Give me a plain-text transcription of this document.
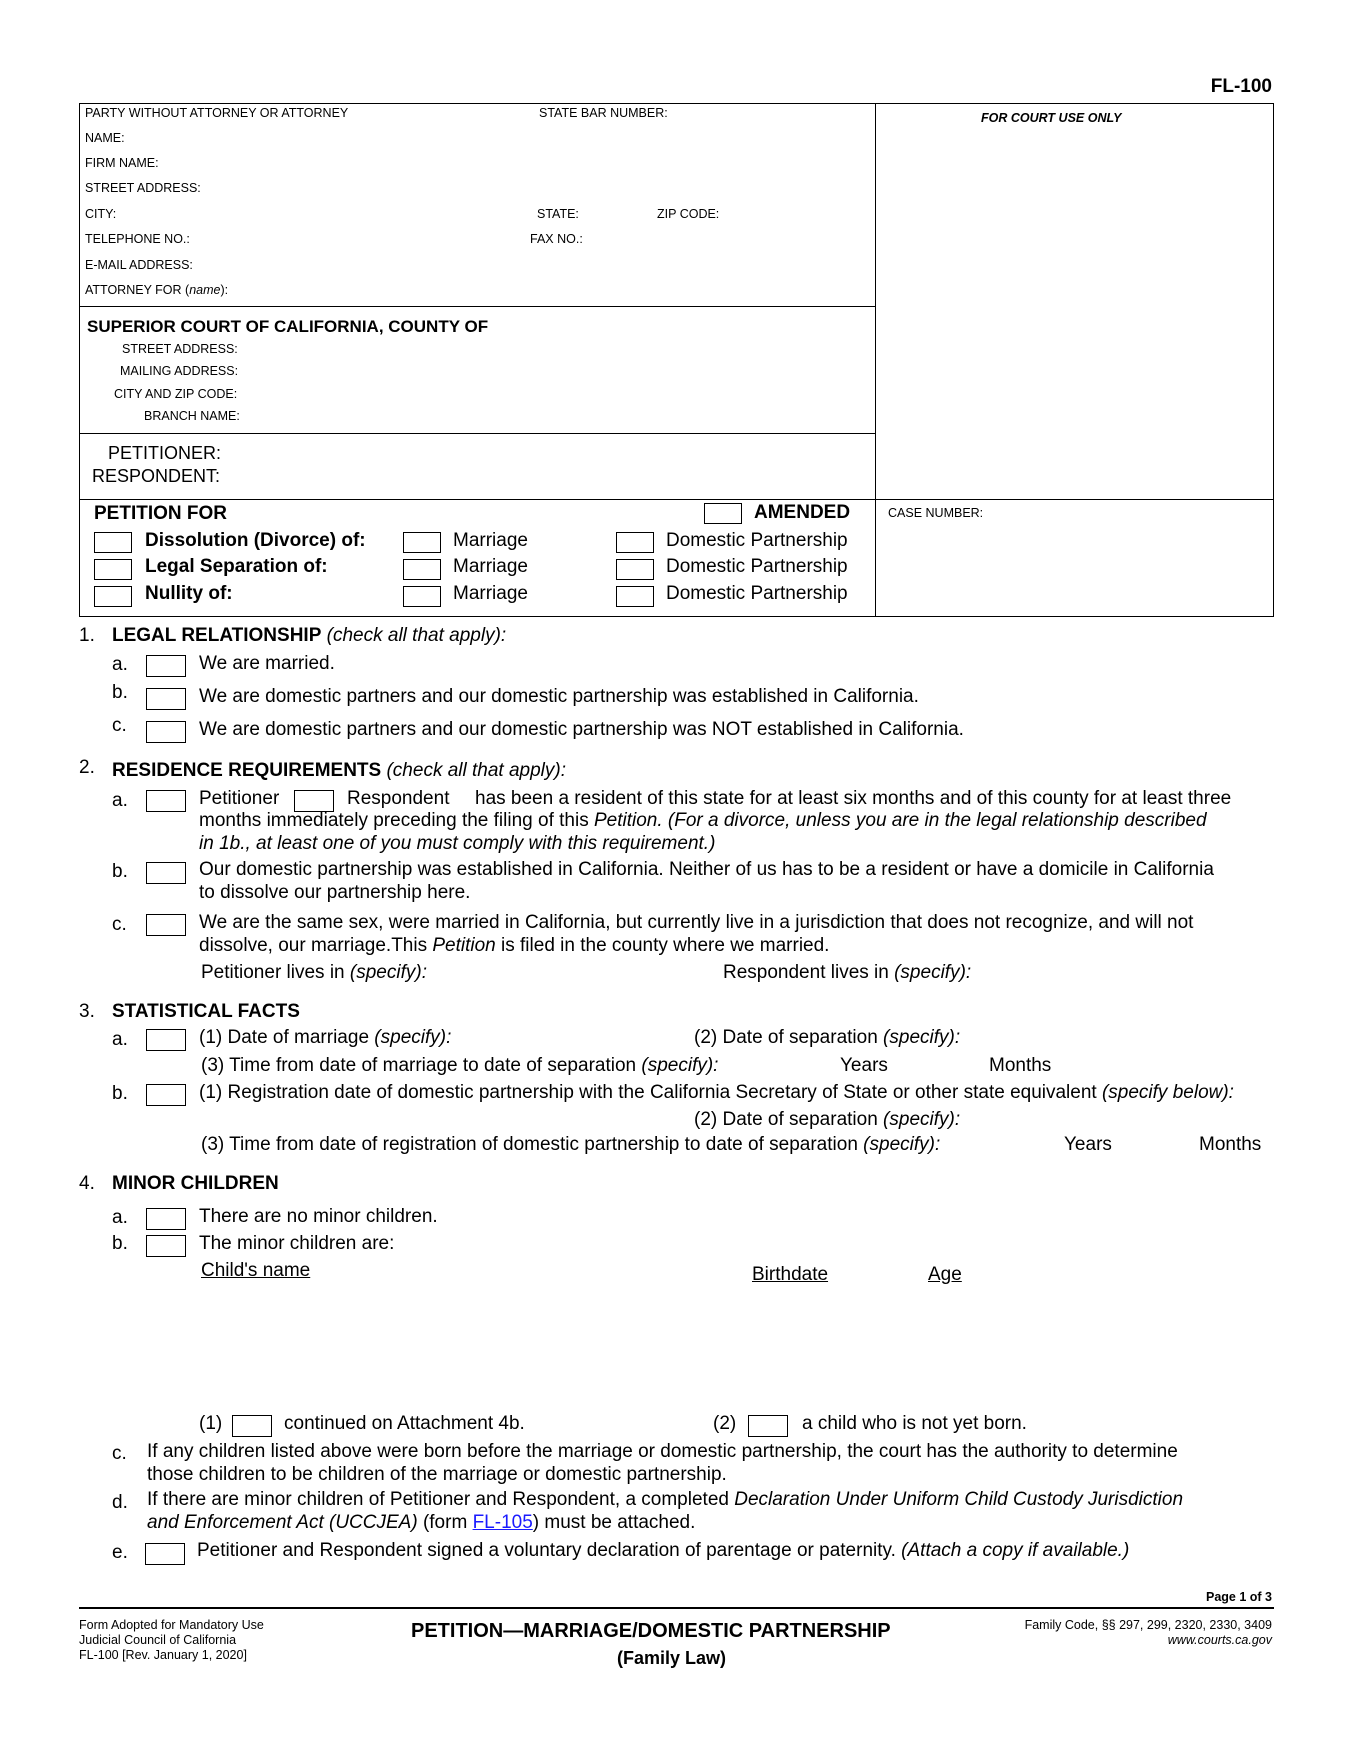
FL-100
PARTY WITHOUT ATTORNEY OR ATTORNEY	STATE BAR NUMBER:
NAME:
FIRM NAME:
STREET ADDRESS:
CITY:	STATE:	ZIP CODE:
TELEPHONE NO.:	FAX NO.:
E-MAIL ADDRESS:
ATTORNEY FOR (name):
FOR COURT USE ONLY
SUPERIOR COURT OF CALIFORNIA, COUNTY OF
STREET ADDRESS:
MAILING ADDRESS:
CITY AND ZIP CODE:
BRANCH NAME:
PETITIONER:
RESPONDENT:
PETITION FOR	AMENDED	CASE NUMBER:
Dissolution (Divorce) of:	Marriage	Domestic Partnership
Legal Separation of:	Marriage	Domestic Partnership
Nullity of:	Marriage	Domestic Partnership
1. LEGAL RELATIONSHIP (check all that apply):
a.	We are married.
b.	We are domestic partners and our domestic partnership was established in California.
c.	We are domestic partners and our domestic partnership was NOT established in California.
2. RESIDENCE REQUIREMENTS (check all that apply):
a.	Petitioner	Respondent has been a resident of this state for at least six months and of this county for at least three
months immediately preceding the filing of this Petition. (For a divorce, unless you are in the legal relationship described
in 1b., at least one of you must comply with this requirement.)
b.	Our domestic partnership was established in California. Neither of us has to be a resident or have a domicile in California
to dissolve our partnership here.
c.	We are the same sex, were married in California, but currently live in a jurisdiction that does not recognize, and will not
dissolve, our marriage.This Petition is filed in the county where we married.
Petitioner lives in (specify):	Respondent lives in (specify):
3. STATISTICAL FACTS
a.	(1) Date of marriage (specify):	(2) Date of separation (specify):
(3) Time from date of marriage to date of separation (specify):	Years	Months
b.	(1) Registration date of domestic partnership with the California Secretary of State or other state equivalent (specify below):
(2) Date of separation (specify):
(3) Time from date of registration of domestic partnership to date of separation (specify):	Years	Months
4. MINOR CHILDREN
a.	There are no minor children.
b.	The minor children are:
Child's name	Birthdate	Age
(1)	continued on Attachment 4b.	(2)	a child who is not yet born.
c. If any children listed above were born before the marriage or domestic partnership, the court has the authority to determine
those children to be children of the marriage or domestic partnership.
d. If there are minor children of Petitioner and Respondent, a completed Declaration Under Uniform Child Custody Jurisdiction
and Enforcement Act (UCCJEA) (form FL-105) must be attached.
e.	Petitioner and Respondent signed a voluntary declaration of parentage or paternity. (Attach a copy if available.)
Page 1 of 3
Form Adopted for Mandatory Use
Judicial Council of California
FL-100 [Rev. January 1, 2020]
PETITION—MARRIAGE/DOMESTIC PARTNERSHIP
(Family Law)
Family Code, §§ 297, 299, 2320, 2330, 3409
www.courts.ca.gov
